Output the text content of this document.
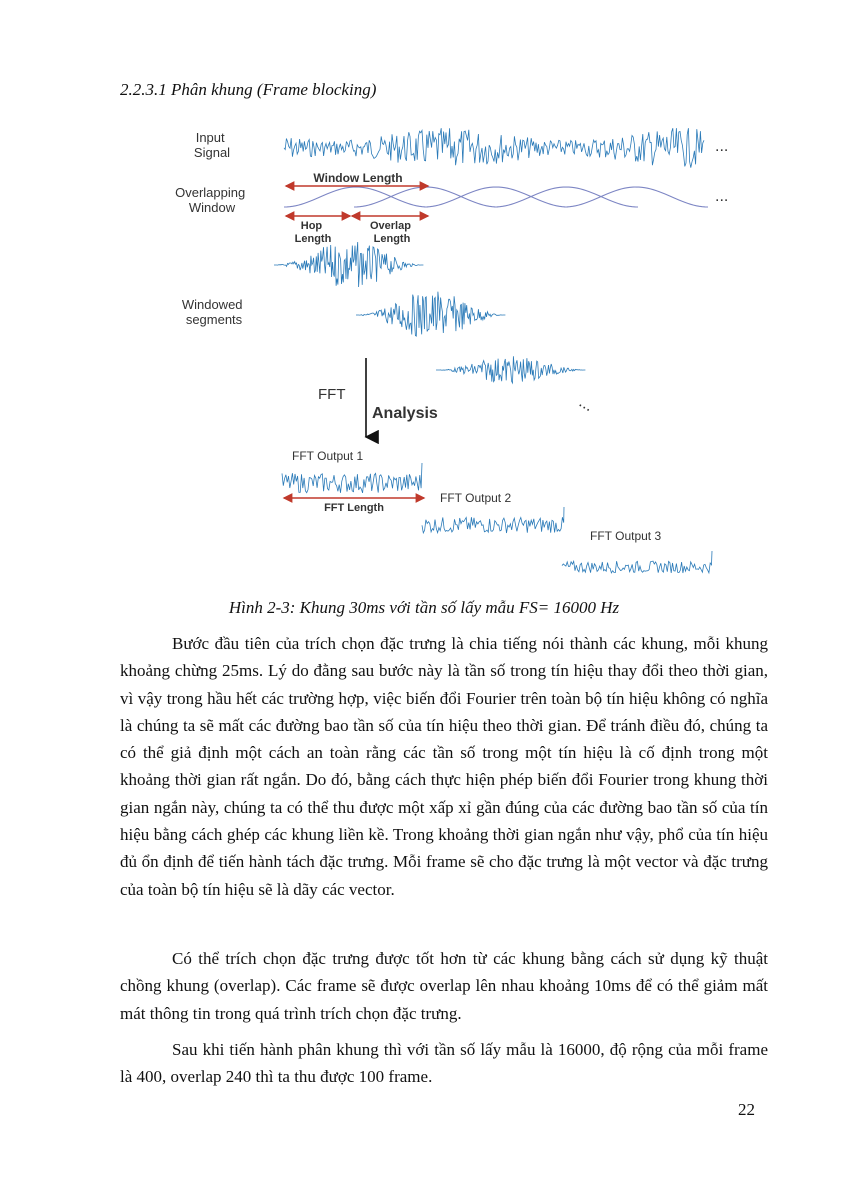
2.2.3.1 Phân khung (Frame blocking)
Input Signal	...
Overlapping Window
...
Window Length
Hop Length
Overlap Length
Windowed segments
...
FFT
Analysis
FFT Output 1
FFT Output 2
FFT Output 3
FFT Length
Hình 2-3: Khung 30ms với tần số lấy mẫu FS= 16000 Hz

Bước đầu tiên của trích chọn đặc trưng là chia tiếng nói thành các khung, mỗi khung khoảng chừng 25ms. Lý do đằng sau bước này là tần số trong tín hiệu thay đổi theo thời gian, vì vậy trong hầu hết các trường hợp, việc biến đổi Fourier trên toàn bộ tín hiệu không có nghĩa là chúng ta sẽ mất các đường bao tần số của tín hiệu theo thời gian. Để tránh điều đó, chúng ta có thể giả định một cách an toàn rằng các tần số trong một tín hiệu là cố định trong một khoảng thời gian rất ngắn. Do đó, bằng cách thực hiện phép biến đổi Fourier trong khung thời gian ngắn này, chúng ta có thể thu được một xấp xỉ gần đúng của các đường bao tần số của tín hiệu bằng cách ghép các khung liền kề. Trong khoảng thời gian ngắn như vậy, phổ của tín hiệu đủ ổn định để tiến hành tách đặc trưng. Mỗi frame sẽ cho đặc trưng là một vector và đặc trưng của toàn bộ tín hiệu sẽ là dãy các vector.

Có thể trích chọn đặc trưng được tốt hơn từ các khung bằng cách sử dụng kỹ thuật chồng khung (overlap). Các frame sẽ được overlap lên nhau khoảng 10ms để có thể giảm mất mát thông tin trong quá trình trích chọn đặc trưng.

Sau khi tiến hành phân khung thì với tần số lấy mẫu là 16000, độ rộng của mỗi frame là 400, overlap 240 thì ta thu được 100 frame.

22
